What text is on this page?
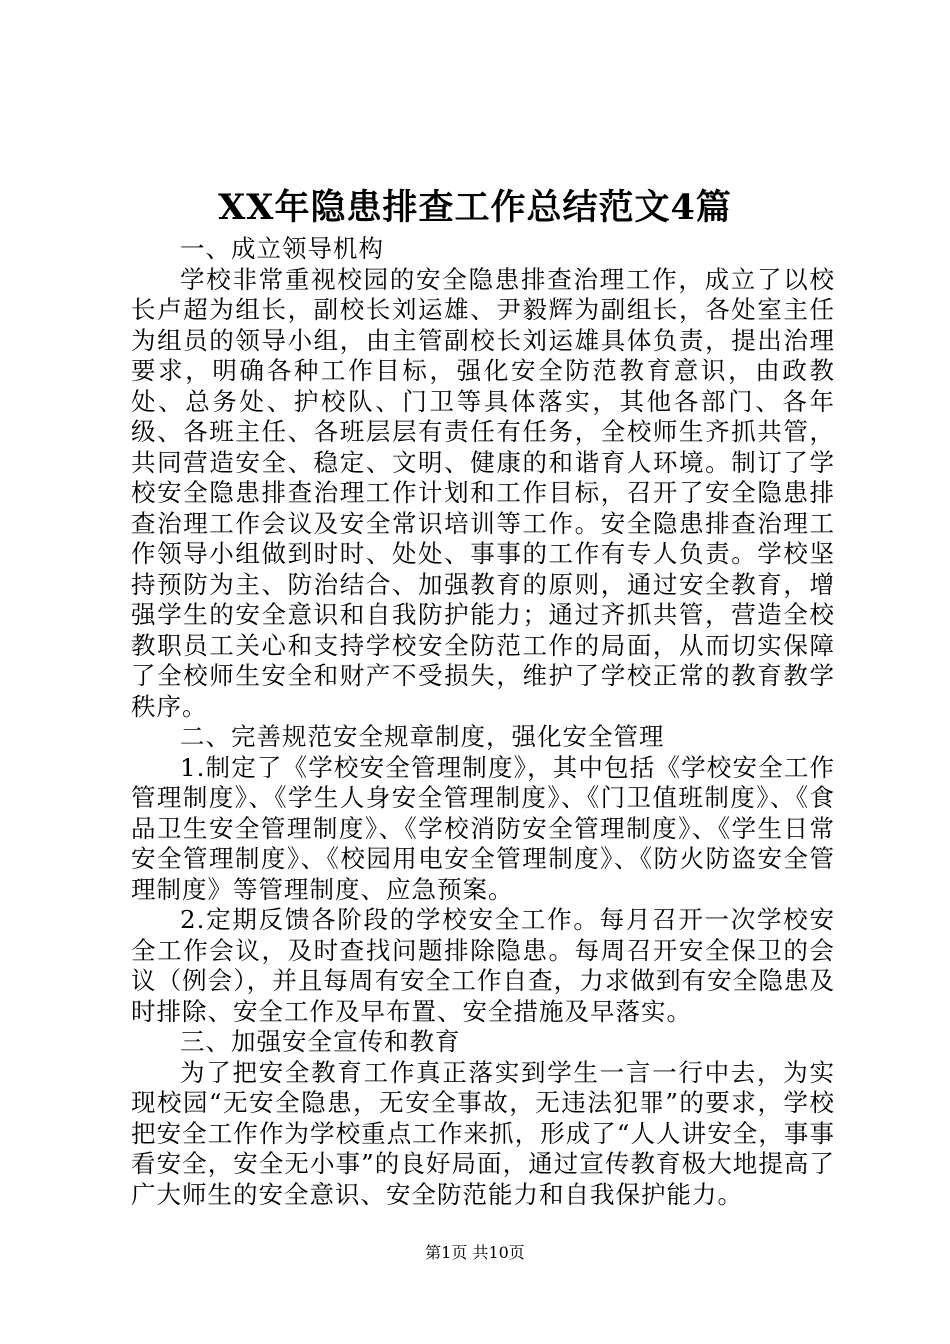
XX年隐患排查工作总结范文4篇

一、成立领导机构

学校非常重视校园的安全隐患排查治理工作，成立了以校长卢超为组长，副校长刘运雄、尹毅辉为副组长，各处室主任为组员的领导小组，由主管副校长刘运雄具体负责，提出治理要求，明确各种工作目标，强化安全防范教育意识，由政教处、总务处、护校队、门卫等具体落实，其他各部门、各年级、各班主任、各班层层有责任有任务，全校师生齐抓共管，共同营造安全、稳定、文明、健康的和谐育人环境。制订了学校安全隐患排查治理工作计划和工作目标，召开了安全隐患排查治理工作会议及安全常识培训等工作。安全隐患排查治理工作领导小组做到时时、处处、事事的工作有专人负责。学校坚持预防为主、防治结合、加强教育的原则，通过安全教育，增强学生的安全意识和自我防护能力；通过齐抓共管，营造全校教职员工关心和支持学校安全防范工作的局面，从而切实保障了全校师生安全和财产不受损失，维护了学校正常的教育教学秩序。

二、完善规范安全规章制度，强化安全管理

1.制定了《学校安全管理制度》，其中包括《学校安全工作管理制度》、《学生人身安全管理制度》、《门卫值班制度》、《食品卫生安全管理制度》、《学校消防安全管理制度》、《学生日常安全管理制度》、《校园用电安全管理制度》、《防火防盗安全管理制度》等管理制度、应急预案。

2.定期反馈各阶段的学校安全工作。每月召开一次学校安全工作会议，及时查找问题排除隐患。每周召开安全保卫的会议（例会），并且每周有安全工作自查，力求做到有安全隐患及时排除、安全工作及早布置、安全措施及早落实。

三、加强安全宣传和教育

为了把安全教育工作真正落实到学生一言一行中去，为实现校园“无安全隐患，无安全事故，无违法犯罪”的要求，学校把安全工作作为学校重点工作来抓，形成了“人人讲安全，事事看安全，安全无小事”的良好局面，通过宣传教育极大地提高了广大师生的安全意识、安全防范能力和自我保护能力。

第1页 共10页
